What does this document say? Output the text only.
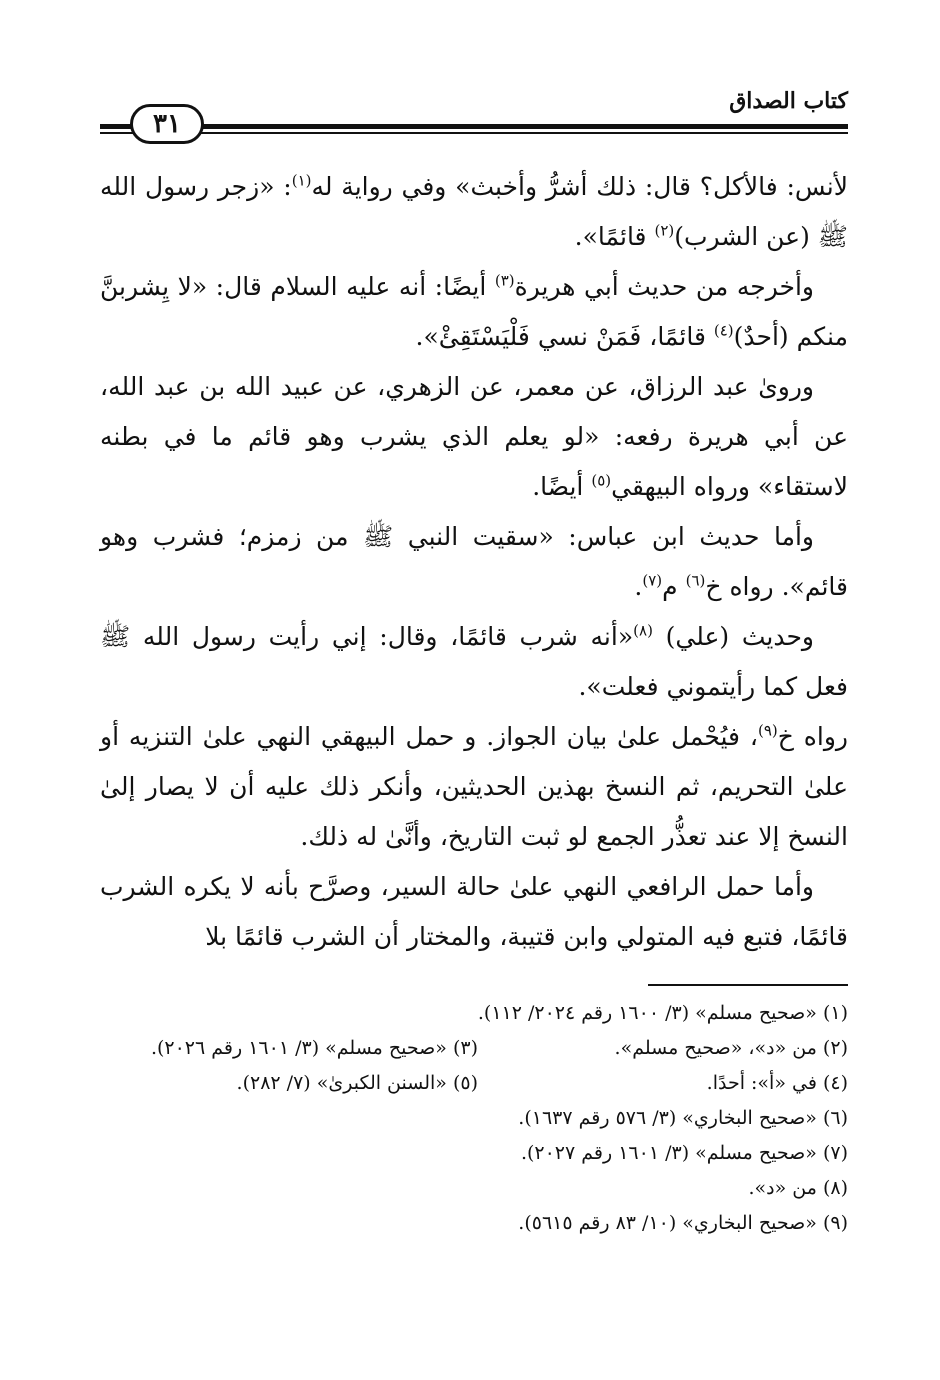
٣١
كتاب الصداق

لأنس: فالأكل؟ قال: ذلك أشرُّ وأخبث» وفي رواية له$^{(١)}$: «زجر رسول الله ﷺ (عن الشرب)$^{(٢)}$ قائمًا».

وأخرجه من حديث أبي هريرة$^{(٣)}$ أيضًا: أنه عليه السلام قال: «لا يِشربنَّ منكم (أحدٌ)$^{(٤)}$ قائمًا، فَمَنْ نسي فَلْيَسْتَقِئْ».

وروىٰ عبد الرزاق، عن معمر، عن الزهري، عن عبيد الله بن عبد الله، عن أبي هريرة رفعه: «لو يعلم الذي يشرب وهو قائم ما في بطنه لاستقاء» ورواه البيهقي$^{(٥)}$ أيضًا.

وأما حديث ابن عباس: «سقيت النبي ﷺ من زمزم؛ فشرب وهو قائم». رواه خ$^{(٦)}$ م$^{(٧)}$.

وحديث (علي) $^{(٨)}$«أنه شرب قائمًا، وقال: إني رأيت رسول الله ﷺ فعل كما رأيتموني فعلت».

رواه خ$^{(٩)}$، فيُحْمل علىٰ بيان الجواز. و حمل البيهقي النهي علىٰ التنزيه أو علىٰ التحريم، ثم النسخ بهذين الحديثين، وأنكر ذلك عليه أن لا يصار إلىٰ النسخ إلا عند تعذُّر الجمع لو ثبت التاريخ، وأنَّىٰ له ذلك.

وأما حمل الرافعي النهي علىٰ حالة السير، وصرَّح بأنه لا يكره الشرب قائمًا، فتبع فيه المتولي وابن قتيبة، والمختار أن الشرب قائمًا بلا

(١) «صحيح مسلم» (٣/ ١٦٠٠ رقم ٢٠٢٤/ ١١٢).
(٢) من «د»، «صحيح مسلم».
(٣) «صحيح مسلم» (٣/ ١٦٠١ رقم ٢٠٢٦).
(٤) في «أ»: أحدًا.
(٥) «السنن الكبرىٰ» (٧/ ٢٨٢).
(٦) «صحيح البخاري» (٣/ ٥٧٦ رقم ١٦٣٧).
(٧) «صحيح مسلم» (٣/ ١٦٠١ رقم ٢٠٢٧).
(٨) من «د».
(٩) «صحيح البخاري» (١٠/ ٨٣ رقم ٥٦١٥).
